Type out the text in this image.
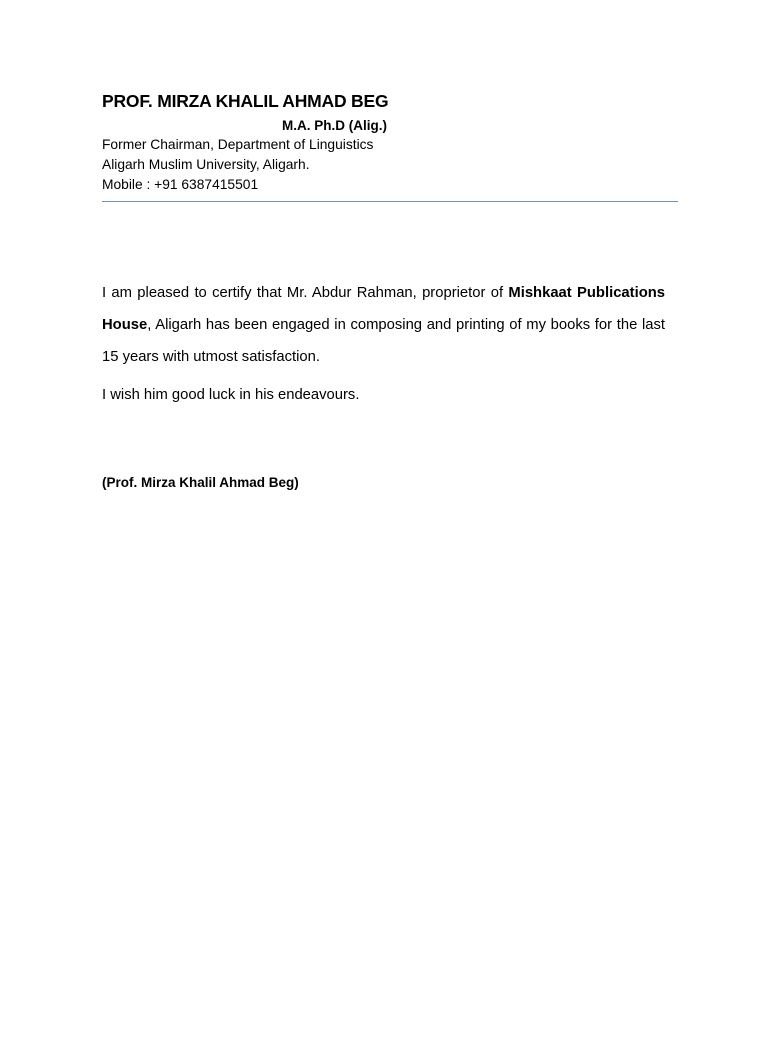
PROF. MIRZA KHALIL AHMAD BEG
M.A. Ph.D (Alig.)
Former Chairman, Department of Linguistics
Aligarh Muslim University, Aligarh.
Mobile : +91 6387415501
I am pleased to certify that Mr. Abdur Rahman, proprietor of Mishkaat Publications House, Aligarh has been engaged in composing and printing of my books for the last 15 years with utmost satisfaction.
I wish him good luck in his endeavours.
(Prof. Mirza Khalil Ahmad Beg)
